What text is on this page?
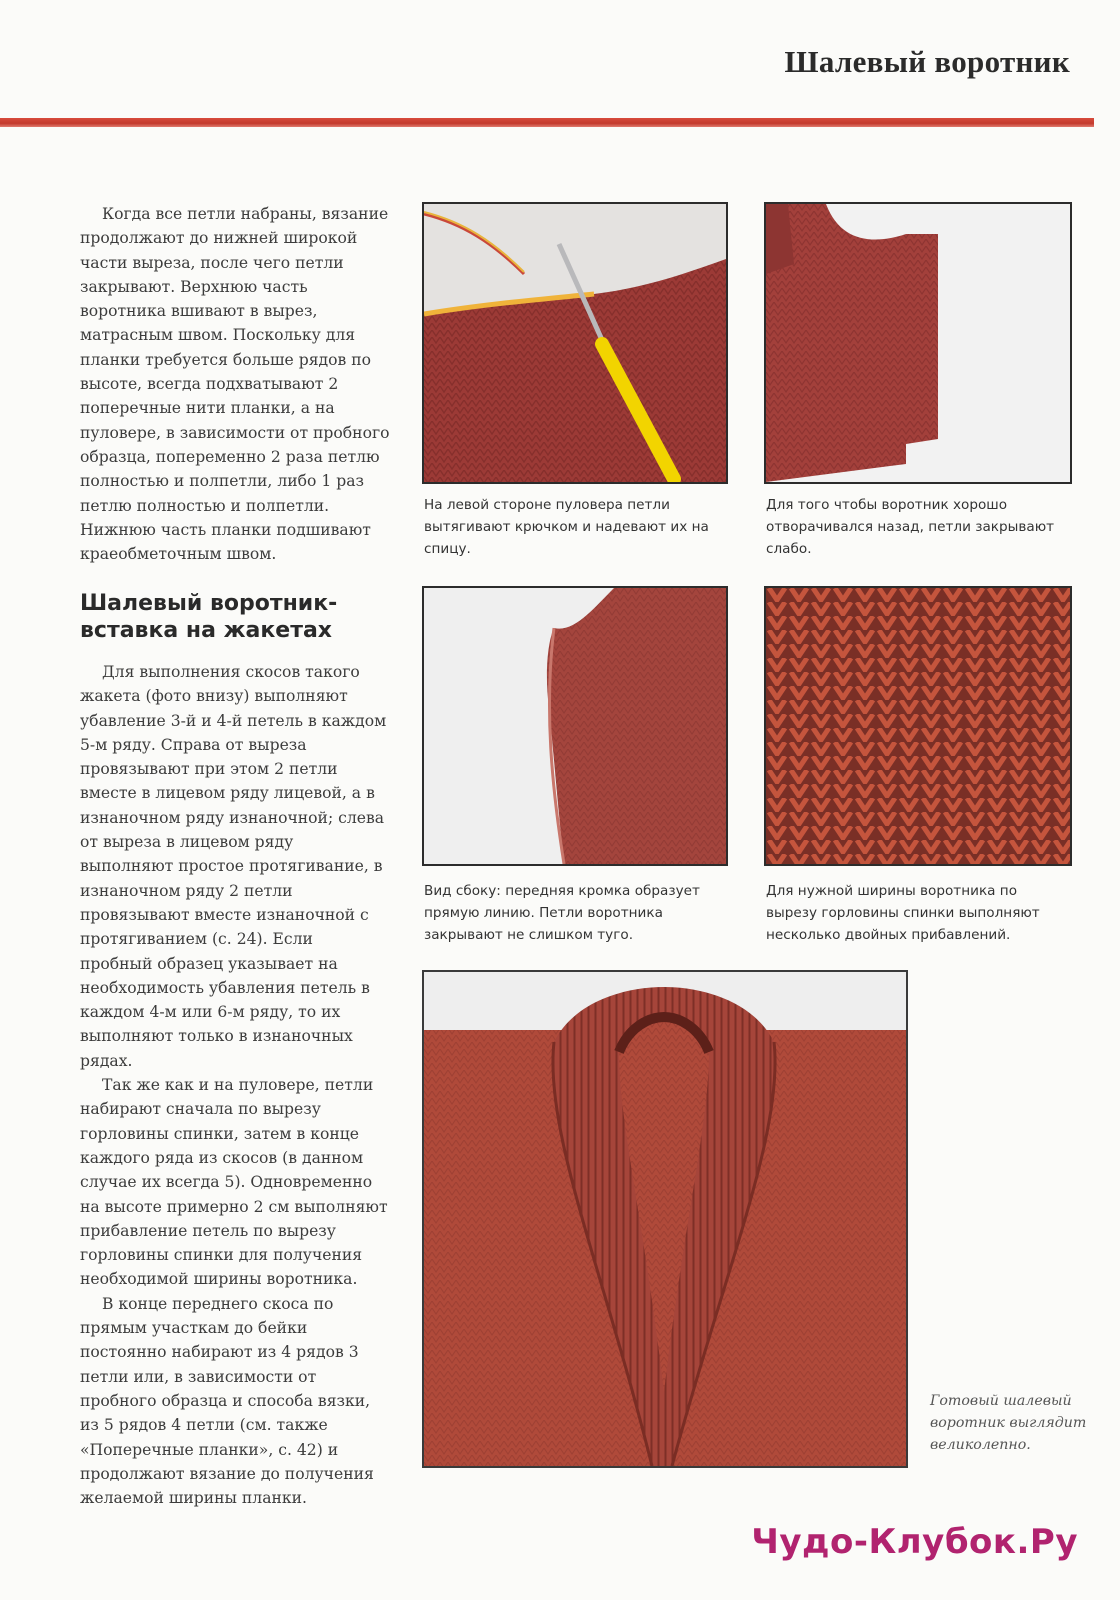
Шалевый воротник

Когда все петли набраны, вязание продолжают до нижней широкой части выреза, после чего петли закрывают. Верхнюю часть воротника вшивают в вырез, матрасным швом. Поскольку для планки требуется больше рядов по высоте, всегда подхватывают 2 поперечные нити планки, а на пуловере, в зависимости от пробного образца, попеременно 2 раза петлю полностью и полпетли, либо 1 раз петлю полностью и полпетли. Нижнюю часть планки подшивают краеобметочным швом.

Шалевый воротник-вставка на жакетах

Для выполнения скосов такого жакета (фото внизу) выполняют убавление 3-й и 4-й петель в каждом 5-м ряду. Справа от выреза провязывают при этом 2 петли вместе в лицевом ряду лицевой, а в изнаночном ряду изнаночной; слева от выреза в лицевом ряду выполняют простое протягивание, в изнаночном ряду 2 петли провязывают вместе изнаночной с протягиванием (с. 24). Если пробный образец указывает на необходимость убавления петель в каждом 4-м или 6-м ряду, то их выполняют только в изнаночных рядах.

Так же как и на пуловере, петли набирают сначала по вырезу горловины спинки, затем в конце каждого ряда из скосов (в данном случае их всегда 5). Одновременно на высоте примерно 2 см выполняют прибавление петель по вырезу горловины спинки для получения необходимой ширины воротника.

В конце переднего скоса по прямым участкам до бейки постоянно набирают из 4 рядов 3 петли или, в зависимости от пробного образца и способа вязки, из 5 рядов 4 петли (см. также «Поперечные планки», с. 42) и продолжают вязание до получения желаемой ширины планки.

На левой стороне пуловера петли вытягивают крючком и надевают их на спицу.
Для того чтобы воротник хорошо отворачивался назад, петли закрывают слабо.
Вид сбоку: передняя кромка образует прямую линию. Петли воротника закрывают не слишком туго.
Для нужной ширины воротника по вырезу горловины спинки выполняют несколько двойных прибавлений.
Готовый шалевый воротник выглядит великолепно.
Чудо-Клубок.Ру
